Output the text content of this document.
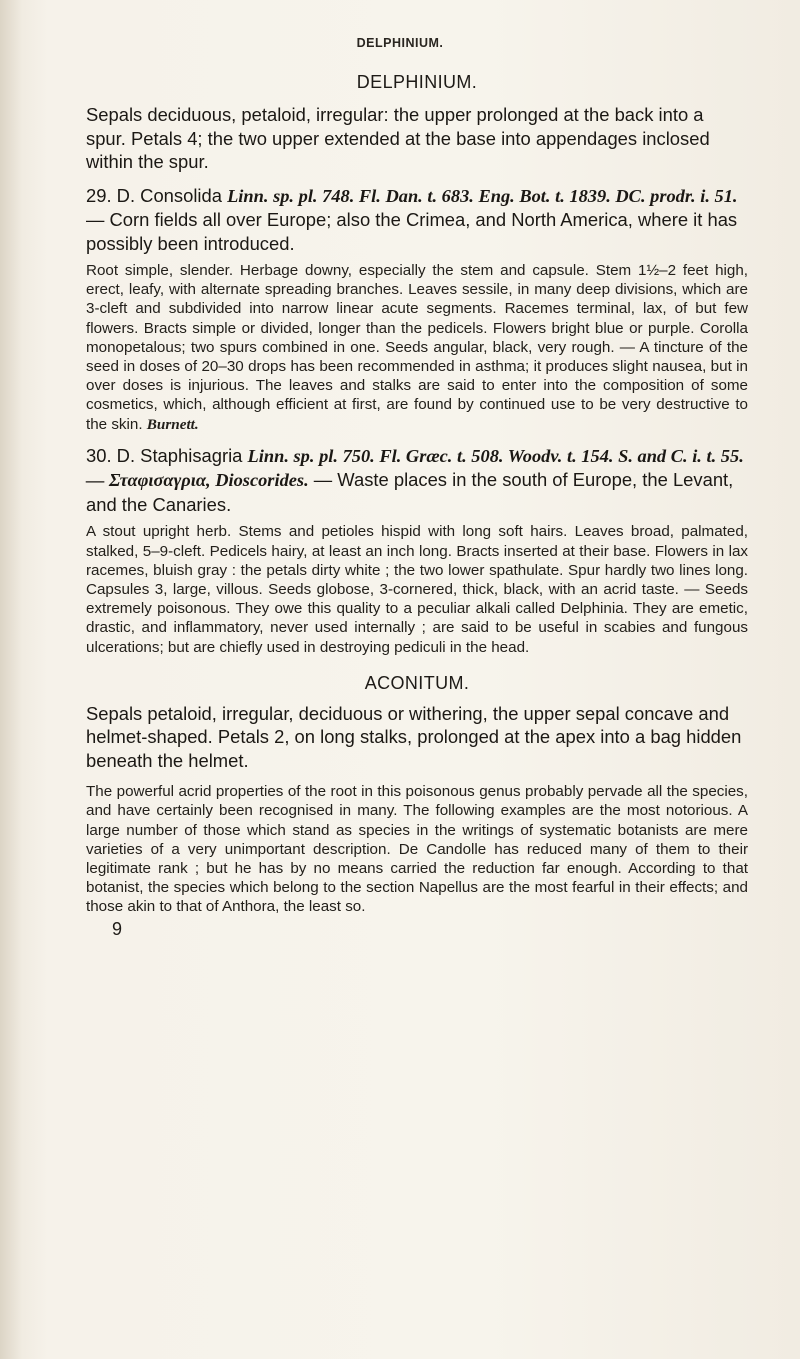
DELPHINIUM.
DELPHINIUM.

Sepals deciduous, petaloid, irregular: the upper prolonged at the back into a spur. Petals 4; the two upper extended at the base into appendages inclosed within the spur.

29. D. Consolida Linn. sp. pl. 748. Fl. Dan. t. 683. Eng. Bot. t. 1839. DC. prodr. i. 51. — Corn fields all over Europe; also the Crimea, and North America, where it has possibly been introduced.

Root simple, slender. Herbage downy, especially the stem and capsule. Stem 1½–2 feet high, erect, leafy, with alternate spreading branches. Leaves sessile, in many deep divisions, which are 3-cleft and subdivided into narrow linear acute segments. Racemes terminal, lax, of but few flowers. Bracts simple or divided, longer than the pedicels. Flowers bright blue or purple. Corolla monopetalous; two spurs combined in one. Seeds angular, black, very rough. — A tincture of the seed in doses of 20–30 drops has been recommended in asthma; it produces slight nausea, but in over doses is injurious. The leaves and stalks are said to enter into the composition of some cosmetics, which, although efficient at first, are found by continued use to be very destructive to the skin. Burnett.

30. D. Staphisagria Linn. sp. pl. 750. Fl. Græc. t. 508. Woodv. t. 154. S. and C. i. t. 55. — Σταφισαγρια, Dioscorides. — Waste places in the south of Europe, the Levant, and the Canaries.

A stout upright herb. Stems and petioles hispid with long soft hairs. Leaves broad, palmated, stalked, 5–9-cleft. Pedicels hairy, at least an inch long. Bracts inserted at their base. Flowers in lax racemes, bluish gray : the petals dirty white ; the two lower spathulate. Spur hardly two lines long. Capsules 3, large, villous. Seeds globose, 3-cornered, thick, black, with an acrid taste. — Seeds extremely poisonous. They owe this quality to a peculiar alkali called Delphinia. They are emetic, drastic, and inflammatory, never used internally ; are said to be useful in scabies and fungous ulcerations; but are chiefly used in destroying pediculi in the head.

ACONITUM.

Sepals petaloid, irregular, deciduous or withering, the upper sepal concave and helmet-shaped. Petals 2, on long stalks, prolonged at the apex into a bag hidden beneath the helmet.

The powerful acrid properties of the root in this poisonous genus probably pervade all the species, and have certainly been recognised in many. The following examples are the most notorious. A large number of those which stand as species in the writings of systematic botanists are mere varieties of a very unimportant description. De Candolle has reduced many of them to their legitimate rank ; but he has by no means carried the reduction far enough. According to that botanist, the species which belong to the section Napellus are the most fearful in their effects; and those akin to that of Anthora, the least so.

9
